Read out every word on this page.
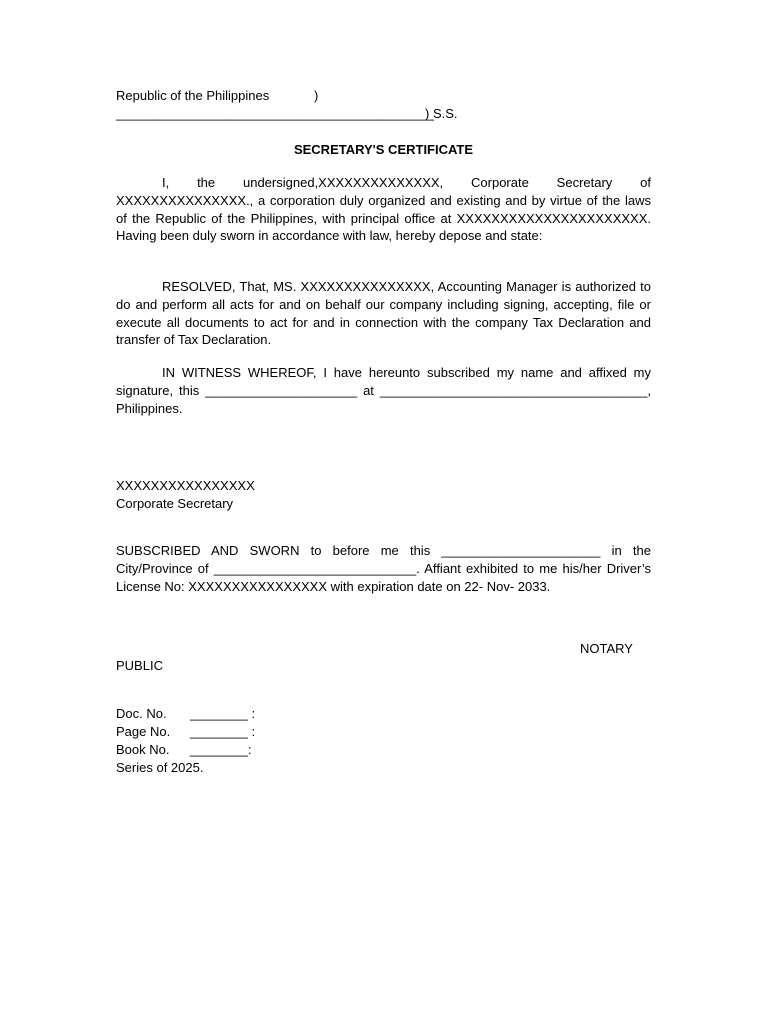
Republic of the Philippines	)
____________________________________________
) S.S.
SECRETARY'S CERTIFICATE
I, the undersigned,XXXXXXXXXXXXXX, Corporate Secretary of XXXXXXXXXXXXXXX., a corporation duly organized and existing and by virtue of the laws of the Republic of the Philippines, with principal office at XXXXXXXXXXXXXXXXXXXXXX. Having been duly sworn in accordance with law, hereby depose and state:
RESOLVED, That, MS. XXXXXXXXXXXXXXX, Accounting Manager is authorized to do and perform all acts for and on behalf our company including signing, accepting, file or execute all documents to act for and in connection with the company Tax Declaration and transfer of Tax Declaration.
IN WITNESS WHEREOF, I have hereunto subscribed my name and affixed my signature, this _____________________ at _____________________________________, Philippines.
XXXXXXXXXXXXXXXX
Corporate Secretary
SUBSCRIBED AND SWORN to before me this ______________________ in the City/Province of ____________________________. Affiant exhibited to me his/her Driver’s License No: XXXXXXXXXXXXXXXX with expiration date on 22- Nov- 2033.
NOTARY
PUBLIC
Doc. No. ________ :
Page No. ________ :
Book No. ________:
Series of 2025.
